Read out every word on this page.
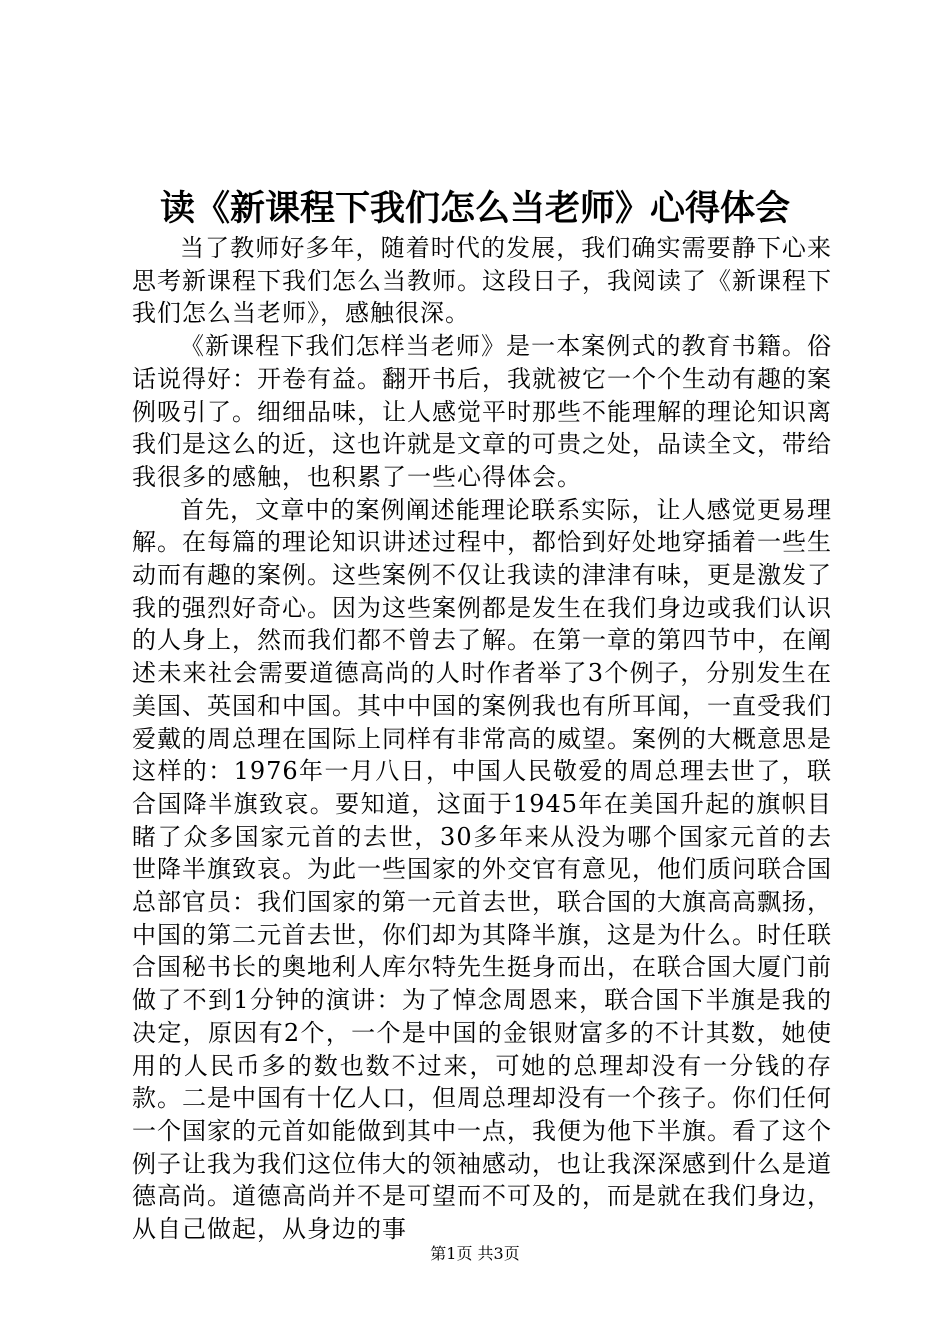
读《新课程下我们怎么当老师》心得体会

当了教师好多年，随着时代的发展，我们确实需要静下心来思考新课程下我们怎么当教师。这段日子，我阅读了《新课程下我们怎么当老师》，感触很深。

《新课程下我们怎样当老师》是一本案例式的教育书籍。俗话说得好：开卷有益。翻开书后，我就被它一个个生动有趣的案例吸引了。细细品味，让人感觉平时那些不能理解的理论知识离我们是这么的近，这也许就是文章的可贵之处，品读全文，带给我很多的感触，也积累了一些心得体会。

首先，文章中的案例阐述能理论联系实际，让人感觉更易理解。在每篇的理论知识讲述过程中，都恰到好处地穿插着一些生动而有趣的案例。这些案例不仅让我读的津津有味，更是激发了我的强烈好奇心。因为这些案例都是发生在我们身边或我们认识的人身上，然而我们都不曾去了解。在第一章的第四节中，在阐述未来社会需要道德高尚的人时作者举了3个例子，分别发生在美国、英国和中国。其中中国的案例我也有所耳闻，一直受我们爱戴的周总理在国际上同样有非常高的威望。案例的大概意思是这样的：1976年一月八日，中国人民敬爱的周总理去世了，联合国降半旗致哀。要知道，这面于1945年在美国升起的旗帜目睹了众多国家元首的去世，30多年来从没为哪个国家元首的去世降半旗致哀。为此一些国家的外交官有意见，他们质问联合国总部官员：我们国家的第一元首去世，联合国的大旗高高飘扬，中国的第二元首去世，你们却为其降半旗，这是为什么。时任联合国秘书长的奥地利人库尔特先生挺身而出，在联合国大厦门前做了不到1分钟的演讲：为了悼念周恩来，联合国下半旗是我的决定，原因有2个，一个是中国的金银财富多的不计其数，她使用的人民币多的数也数不过来，可她的总理却没有一分钱的存款。二是中国有十亿人口，但周总理却没有一个孩子。你们任何一个国家的元首如能做到其中一点，我便为他下半旗。看了这个例子让我为我们这位伟大的领袖感动，也让我深深感到什么是道德高尚。道德高尚并不是可望而不可及的，而是就在我们身边，从自己做起，从身边的事

第1页 共3页
